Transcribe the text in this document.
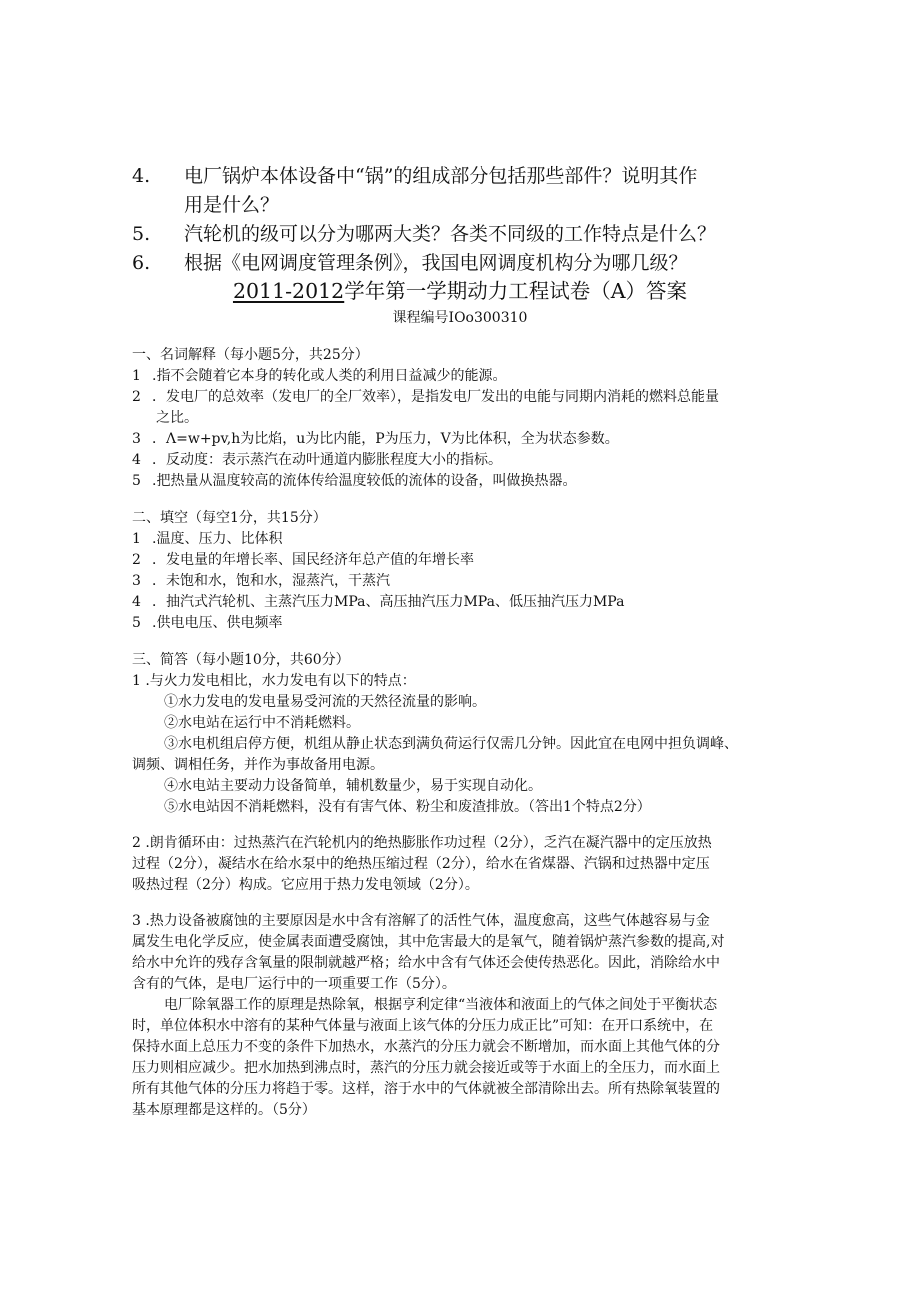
4. 电厂锅炉本体设备中“锅”的组成部分包括那些部件？说明其作
用是什么？
5. 汽轮机的级可以分为哪两大类？各类不同级的工作特点是什么？
6. 根据《电网调度管理条例》，我国电网调度机构分为哪几级？
2011-2012学年第一学期动力工程试卷（A）答案
课程编号IOo300310
一、名词解释（每小题5分，共25分）
1 .指不会随着它本身的转化或人类的利用日益减少的能源。
2 ．发电厂的总效率（发电厂的全厂效率），是指发电厂发出的电能与同期内消耗的燃料总能量
之比。
3 ．Λ=w+pv,h为比焰，u为比内能，P为压力，V为比体积，全为状态参数。
4 ．反动度：表示蒸汽在动叶通道内膨胀程度大小的指标。
5 .把热量从温度较高的流体传给温度较低的流体的设备，叫做换热器。
二、填空（每空1分，共15分）
1 .温度、压力、比体积
2 ．发电量的年增长率、国民经济年总产值的年增长率
3 ．未饱和水，饱和水，湿蒸汽，干蒸汽
4 ．抽汽式汽轮机、主蒸汽压力MPa、高压抽汽压力MPa、低压抽汽压力MPa
5 .供电电压、供电频率
三、简答（每小题10分，共60分）
1 .与火力发电相比，水力发电有以下的特点：
①水力发电的发电量易受河流的天然径流量的影响。
②水电站在运行中不消耗燃料。
③水电机组启停方便，机组从静止状态到满负荷运行仅需几分钟。因此宜在电网中担负调峰、
调频、调相任务，并作为事故备用电源。
④水电站主要动力设备简单，辅机数量少，易于实现自动化。
⑤水电站因不消耗燃料，没有有害气体、粉尘和废渣排放。（答出1个特点2分）
2 .朗肯循环由：过热蒸汽在汽轮机内的绝热膨胀作功过程（2分），乏汽在凝汽器中的定压放热
过程（2分），凝结水在给水泵中的绝热压缩过程（2分），给水在省煤器、汽锅和过热器中定压
吸热过程（2分）构成。它应用于热力发电领域（2分）。
3 .热力设备被腐蚀的主要原因是水中含有溶解了的活性气体，温度愈高，这些气体越容易与金
属发生电化学反应，使金属表面遭受腐蚀，其中危害最大的是氧气，随着锅炉蒸汽参数的提高,对
给水中允许的残存含氧量的限制就越严格；给水中含有气体还会使传热恶化。因此，消除给水中
含有的气体，是电厂运行中的一项重要工作（5分）。
电厂除氧器工作的原理是热除氧，根据亨利定律“当液体和液面上的气体之间处于平衡状态
时，单位体积水中溶有的某种气体量与液面上该气体的分压力成正比”可知：在开口系统中，在
保持水面上总压力不变的条件下加热水，水蒸汽的分压力就会不断增加，而水面上其他气体的分
压力则相应减少。把水加热到沸点时，蒸汽的分压力就会接近或等于水面上的全压力，而水面上
所有其他气体的分压力将趋于零。这样，溶于水中的气体就被全部清除出去。所有热除氧装置的
基本原理都是这样的。（5分）
